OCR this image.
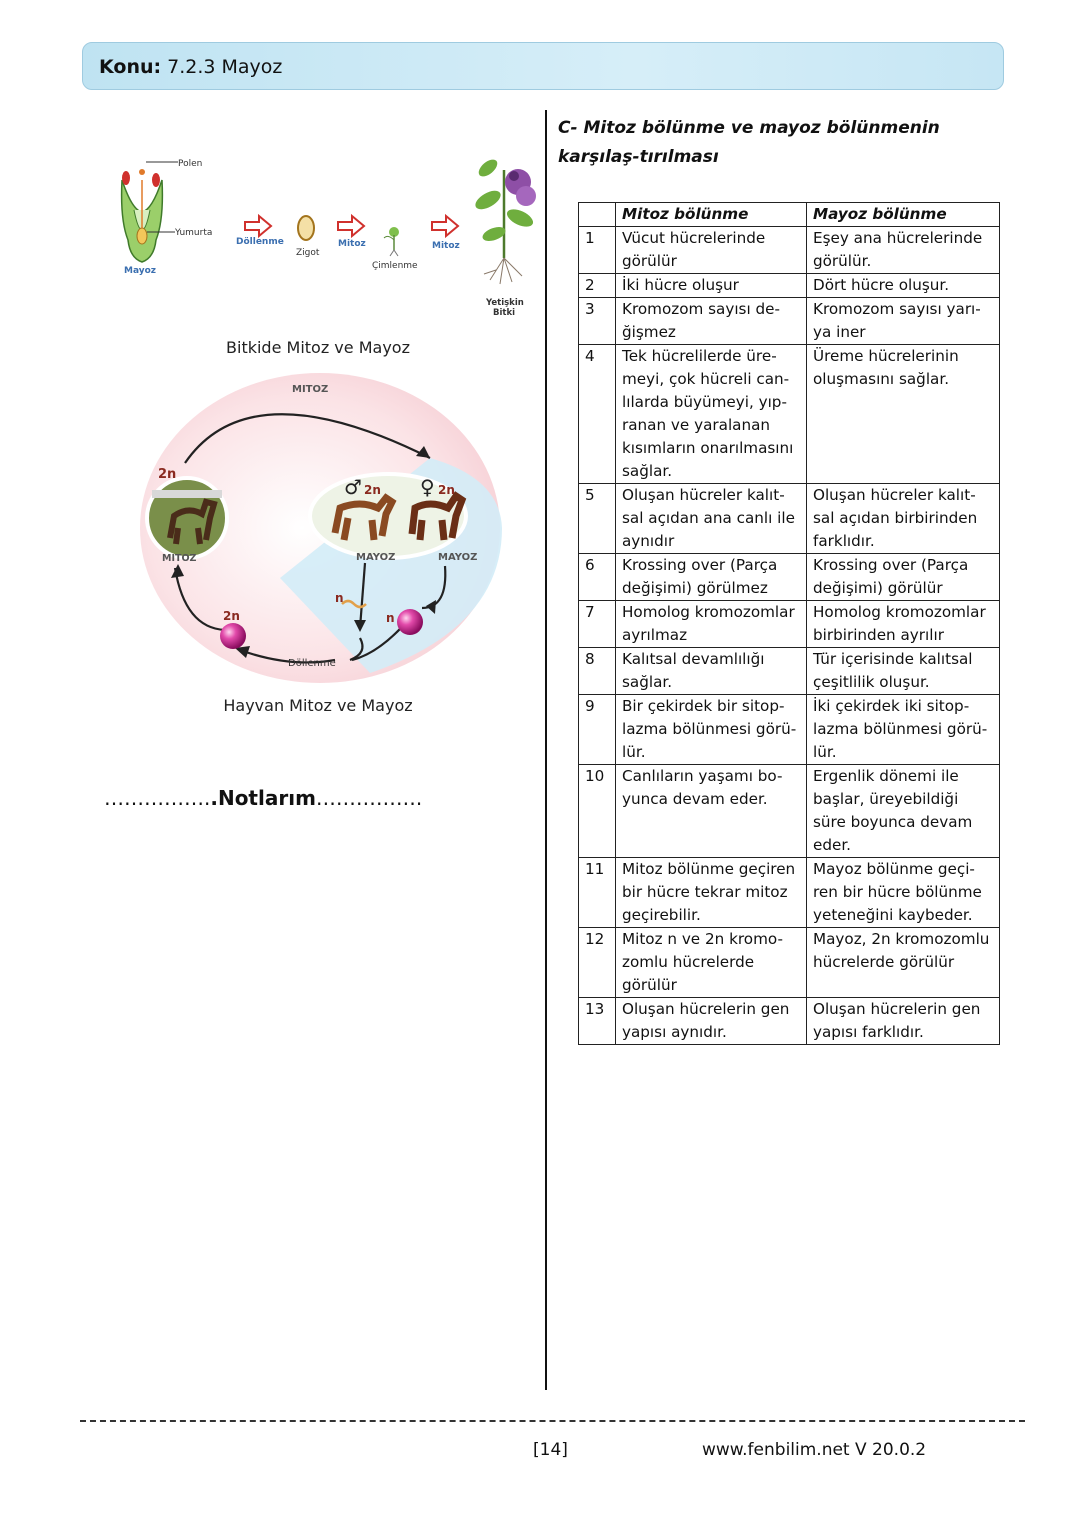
Konu: 7.2.3 Mayoz
Polen
Yumurta
Mayoz
Döllenme
Zigot
Mitoz
Çimlenme
Mitoz
Yetişkin
Bitki
Bitkide Mitoz ve Mayoz
MITOZ
MITOZ	MAYOZ	MAYOZ
Döllenme
2n
♂ 2n ♀ 2n
2n
n
n
Hayvan Mitoz ve Mayoz
……………..Notlarım…………….
C- Mitoz bölünme ve mayoz bölünmenin karşılaş-tırılması
	Mitoz bölünme	Mayoz bölünme
1	Vücut hücrelerinde görülür	Eşey ana hücrelerinde görülür.
2	İki hücre oluşur	Dört hücre oluşur.
3	Kromozom sayısı de-ğişmez	Kromozom sayısı yarı-ya iner
4	Tek hücrelilerde üre-meyi, çok hücreli can-lılarda büyümeyi, yıp-ranan ve yaralanan kısımların onarılmasını sağlar.	Üreme hücrelerinin oluşmasını sağlar.
5	Oluşan hücreler kalıt-sal açıdan ana canlı ile aynıdır	Oluşan hücreler kalıt-sal açıdan birbirinden farklıdır.
6	Krossing over (Parça değişimi) görülmez	Krossing over (Parça değişimi) görülür
7	Homolog kromozomlar ayrılmaz	Homolog kromozomlar birbirinden ayrılır
8	Kalıtsal devamlılığı sağlar.	Tür içerisinde kalıtsal çeşitlilik oluşur.
9	Bir çekirdek bir sitop-lazma bölünmesi görü-lür.	İki çekirdek iki sitop-lazma bölünmesi görü-lür.
10	Canlıların yaşamı bo-yunca devam eder.	Ergenlik dönemi ile başlar, üreyebildiği süre boyunca devam eder.
11	Mitoz bölünme geçiren bir hücre tekrar mitoz geçirebilir.	Mayoz bölünme geçi-ren bir hücre bölünme yeteneğini kaybeder.
12	Mitoz n ve 2n kromo-zomlu hücrelerde görülür	Mayoz, 2n kromozomlu hücrelerde görülür
13	Oluşan hücrelerin gen yapısı aynıdır.	Oluşan hücrelerin gen yapısı farklıdır.
[14]	www.fenbilim.net V 20.0.2
